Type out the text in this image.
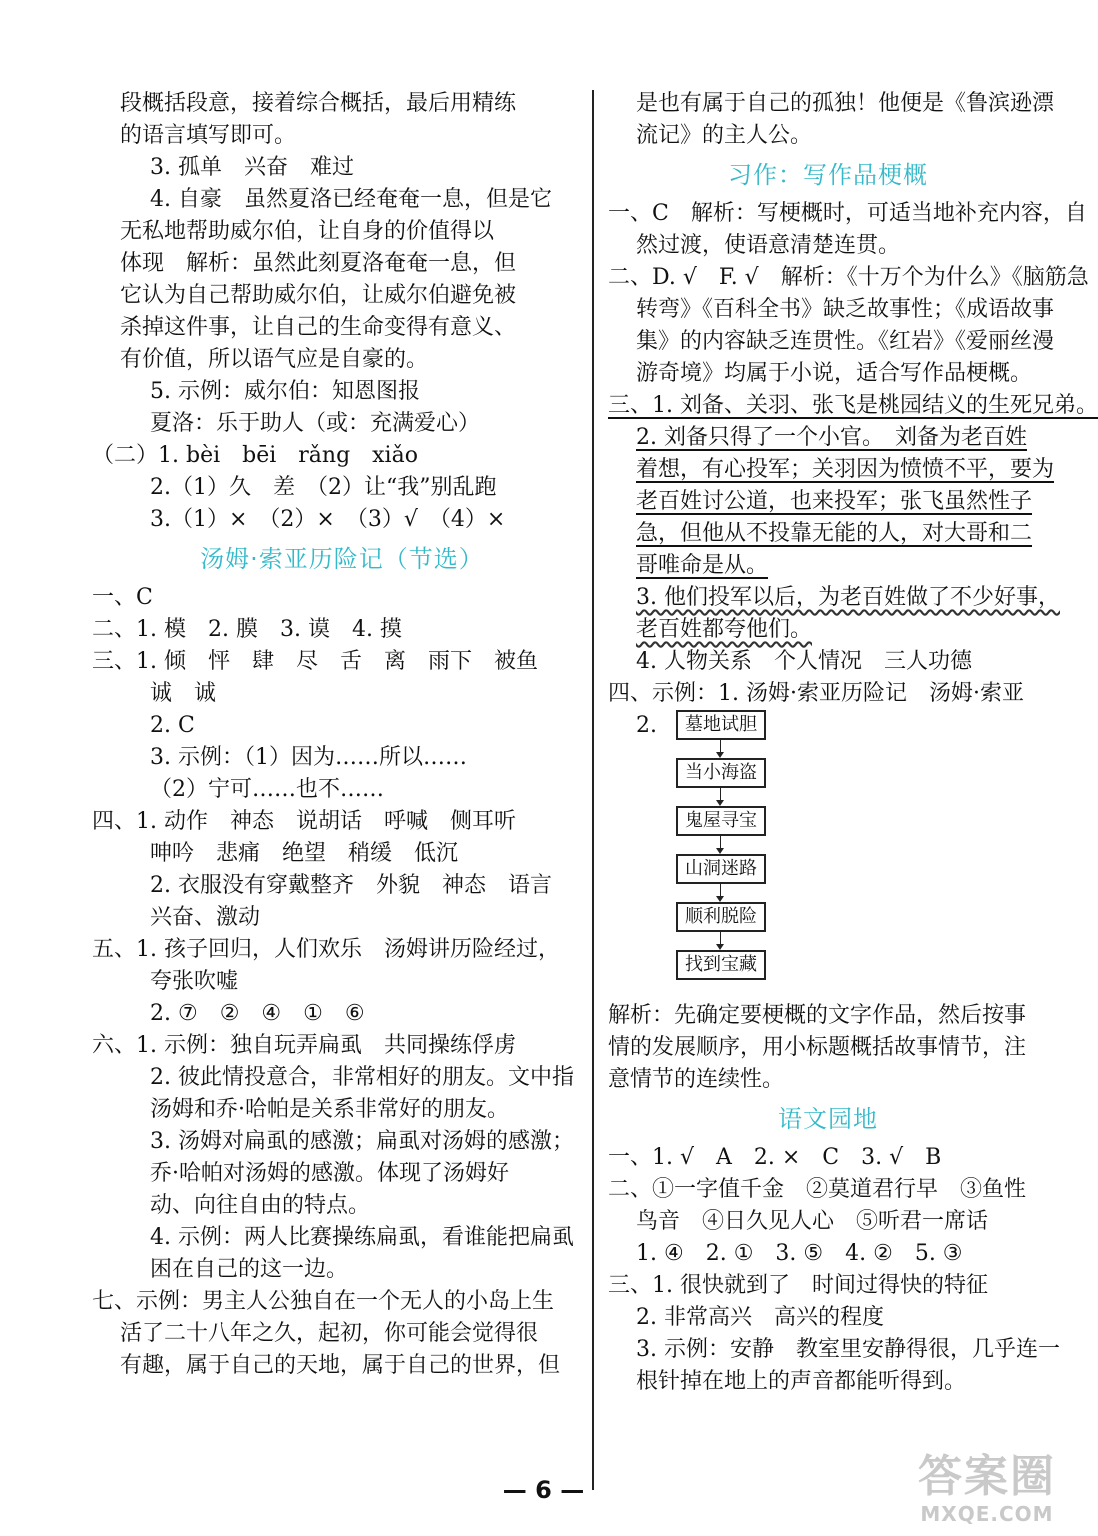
段概括段意，接着综合概括，最后用精练
的语言填写即可。
3. 孤单　兴奋　难过
4. 自豪　虽然夏洛已经奄奄一息，但是它
无私地帮助威尔伯，让自身的价值得以
体现　解析：虽然此刻夏洛奄奄一息，但
它认为自己帮助威尔伯，让威尔伯避免被
杀掉这件事，让自己的生命变得有意义、
有价值，所以语气应是自豪的。
5. 示例：威尔伯：知恩图报
夏洛：乐于助人（或：充满爱心）
（二）1. bèi　bēi　rǎng　xiǎo
2.（1）久　差　（2）让“我”别乱跑
3.（1）×　（2）×　（3）√　（4）×
汤姆·索亚历险记（节选）
一、C
二、1. 模　2. 膜　3. 谟　4. 摸
三、1. 倾　怦　肆　尽　舌　离　雨下　被鱼
诚　诚
2. C
3. 示例：（1）因为……所以……
（2）宁可……也不……
四、1. 动作　神态　说胡话　呼喊　侧耳听
呻吟　悲痛　绝望　稍缓　低沉
2. 衣服没有穿戴整齐　外貌　神态　语言
兴奋、激动
五、1. 孩子回归，人们欢乐　汤姆讲历险经过，
夸张吹嘘
2. ⑦　②　④　①　⑥
六、1. 示例：独自玩弄扁虱　共同操练俘虏
2. 彼此情投意合，非常相好的朋友。文中指
汤姆和乔·哈帕是关系非常好的朋友。
3. 汤姆对扁虱的感激；扁虱对汤姆的感激；
乔·哈帕对汤姆的感激。体现了汤姆好
动、向往自由的特点。
4. 示例：两人比赛操练扁虱，看谁能把扁虱
困在自己的这一边。
七、示例：男主人公独自在一个无人的小岛上生
活了二十八年之久，起初，你可能会觉得很
有趣，属于自己的天地，属于自己的世界，但
是也有属于自己的孤独！他便是《鲁滨逊漂
流记》的主人公。
习作：写作品梗概
一、C　解析：写梗概时，可适当地补充内容，自
然过渡，使语意清楚连贯。
二、D. √　F. √　解析：《十万个为什么》《脑筋急
转弯》《百科全书》缺乏故事性；《成语故事
集》的内容缺乏连贯性。《红岩》《爱丽丝漫
游奇境》均属于小说，适合写作品梗概。
三、1. 刘备、关羽、张飞是桃园结义的生死兄弟。
2. 刘备只得了一个小官。　刘备为老百姓
着想，有心投军；关羽因为愤愤不平，要为
老百姓讨公道，也来投军；张飞虽然性子
急，但他从不投靠无能的人，对大哥和二
哥唯命是从。
3. 他们投军以后，为老百姓做了不少好事，
老百姓都夸他们。
4. 人物关系　个人情况　三人功德
四、示例：1. 汤姆·索亚历险记　汤姆·索亚
2.	墓地试胆
当小海盗
鬼屋寻宝
山洞迷路
顺利脱险
找到宝藏
解析：先确定要梗概的文字作品，然后按事
情的发展顺序，用小标题概括故事情节，注
意情节的连续性。
语文园地
一、1. √　A　2. ×　C　3. √　B
二、①一字值千金　②莫道君行早　③鱼性
鸟音　④日久见人心　⑤听君一席话
1. ④　2. ①　3. ⑤　4. ②　5. ③
三、1. 很快就到了　时间过得快的特征
2. 非常高兴　高兴的程度
3. 示例：安静　教室里安静得很，几乎连一
根针掉在地上的声音都能听得到。
— 6 —	答案圈
MXQE.COM
